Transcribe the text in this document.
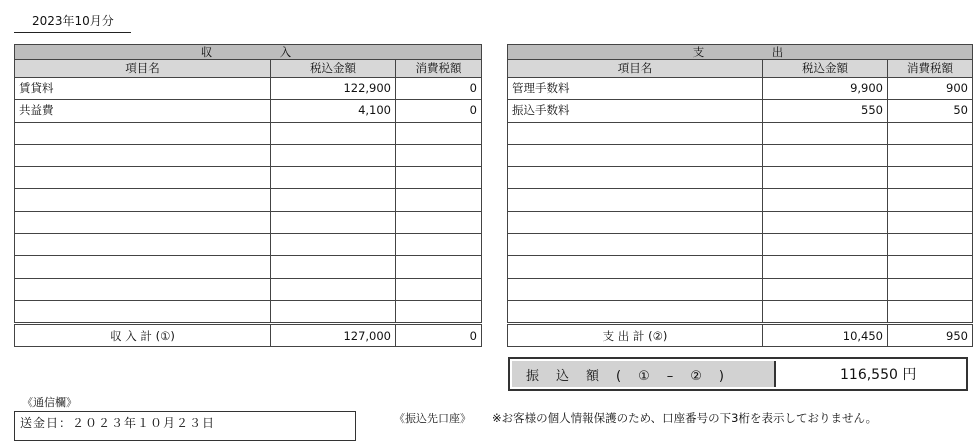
2023年10月分
収　入		
項目名	税込金額	消費税額
賃貸料	122,900	0
共益費	4,100	0

収 入 計 (①)	127,000	0
支　出		
項目名	税込金額	消費税額
管理手数料	9,900	900
振込手数料	550	50

支 出 計 (②)	10,450	950
振　込　額　(　①　–　②　)	116,550 円
《通信欄》
送金日：２０２３年１０月２３日	《振込先口座》 ※お客様の個人情報保護のため、口座番号の下3桁を表示しておりません。
